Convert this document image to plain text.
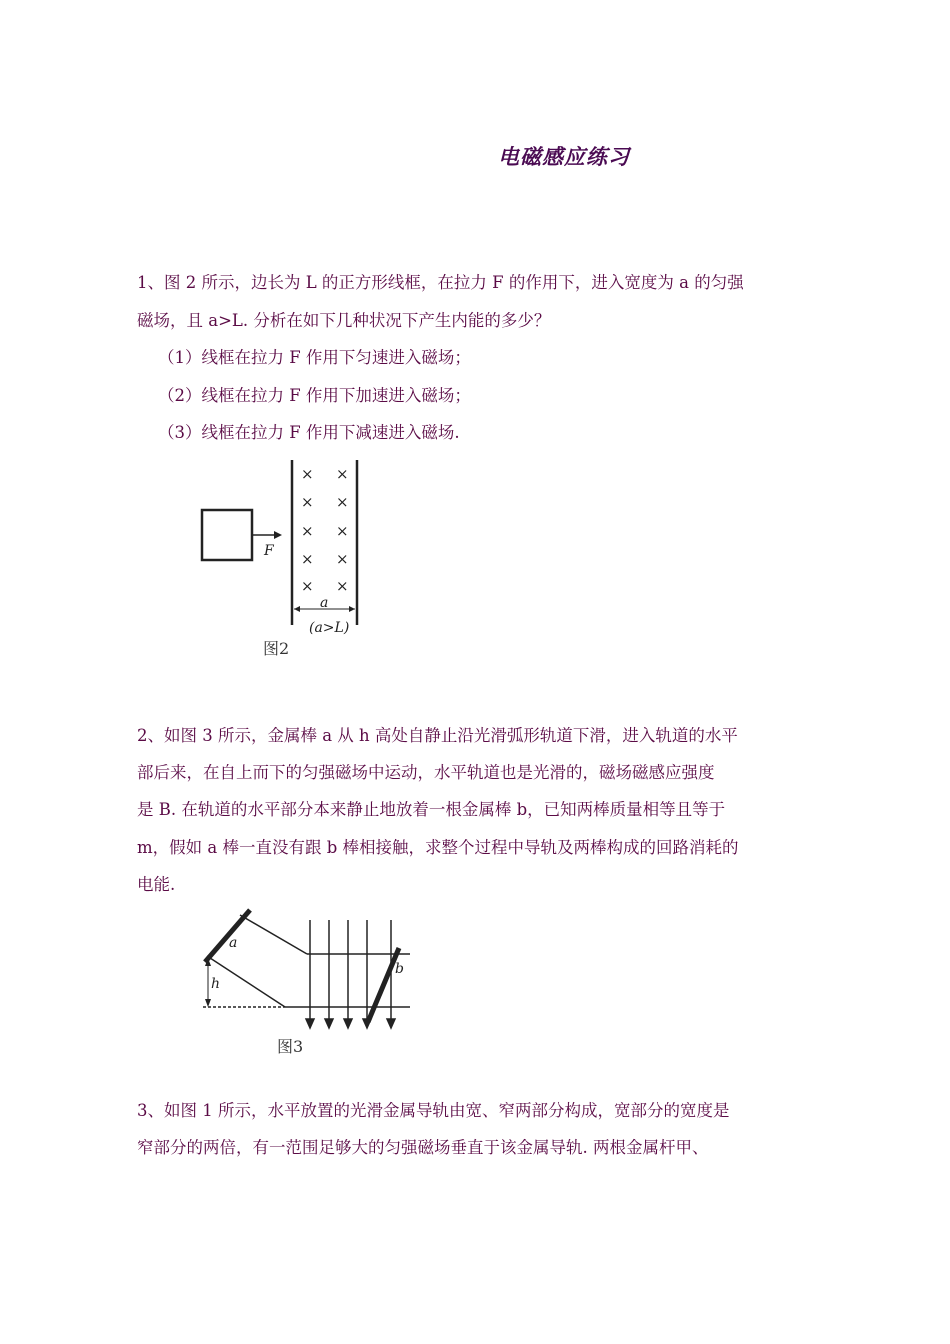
电磁感应练习
1、图 2 所示，边长为 L 的正方形线框，在拉力 F 的作用下，进入宽度为 a 的匀强
磁场，且 a>L. 分析在如下几种状况下产生内能的多少？
（1）线框在拉力 F 作用下匀速进入磁场；
（2）线框在拉力 F 作用下加速进入磁场；
（3）线框在拉力 F 作用下减速进入磁场.
F
× ×
× ×
× ×
× ×
× ×
a
(a>L)
图2
2、如图 3 所示，金属棒 a 从 h 高处自静止沿光滑弧形轨道下滑，进入轨道的水平
部后来，在自上而下的匀强磁场中运动，水平轨道也是光滑的，磁场磁感应强度
是 B. 在轨道的水平部分本来静止地放着一根金属棒 b，已知两棒质量相等且等于
m，假如 a 棒一直没有跟 b 棒相接触，求整个过程中导轨及两棒构成的回路消耗的
电能.
a
h
b
图3
3、如图 1 所示，水平放置的光滑金属导轨由宽、窄两部分构成，宽部分的宽度是
窄部分的两倍，有一范围足够大的匀强磁场垂直于该金属导轨. 两根金属杆甲、
